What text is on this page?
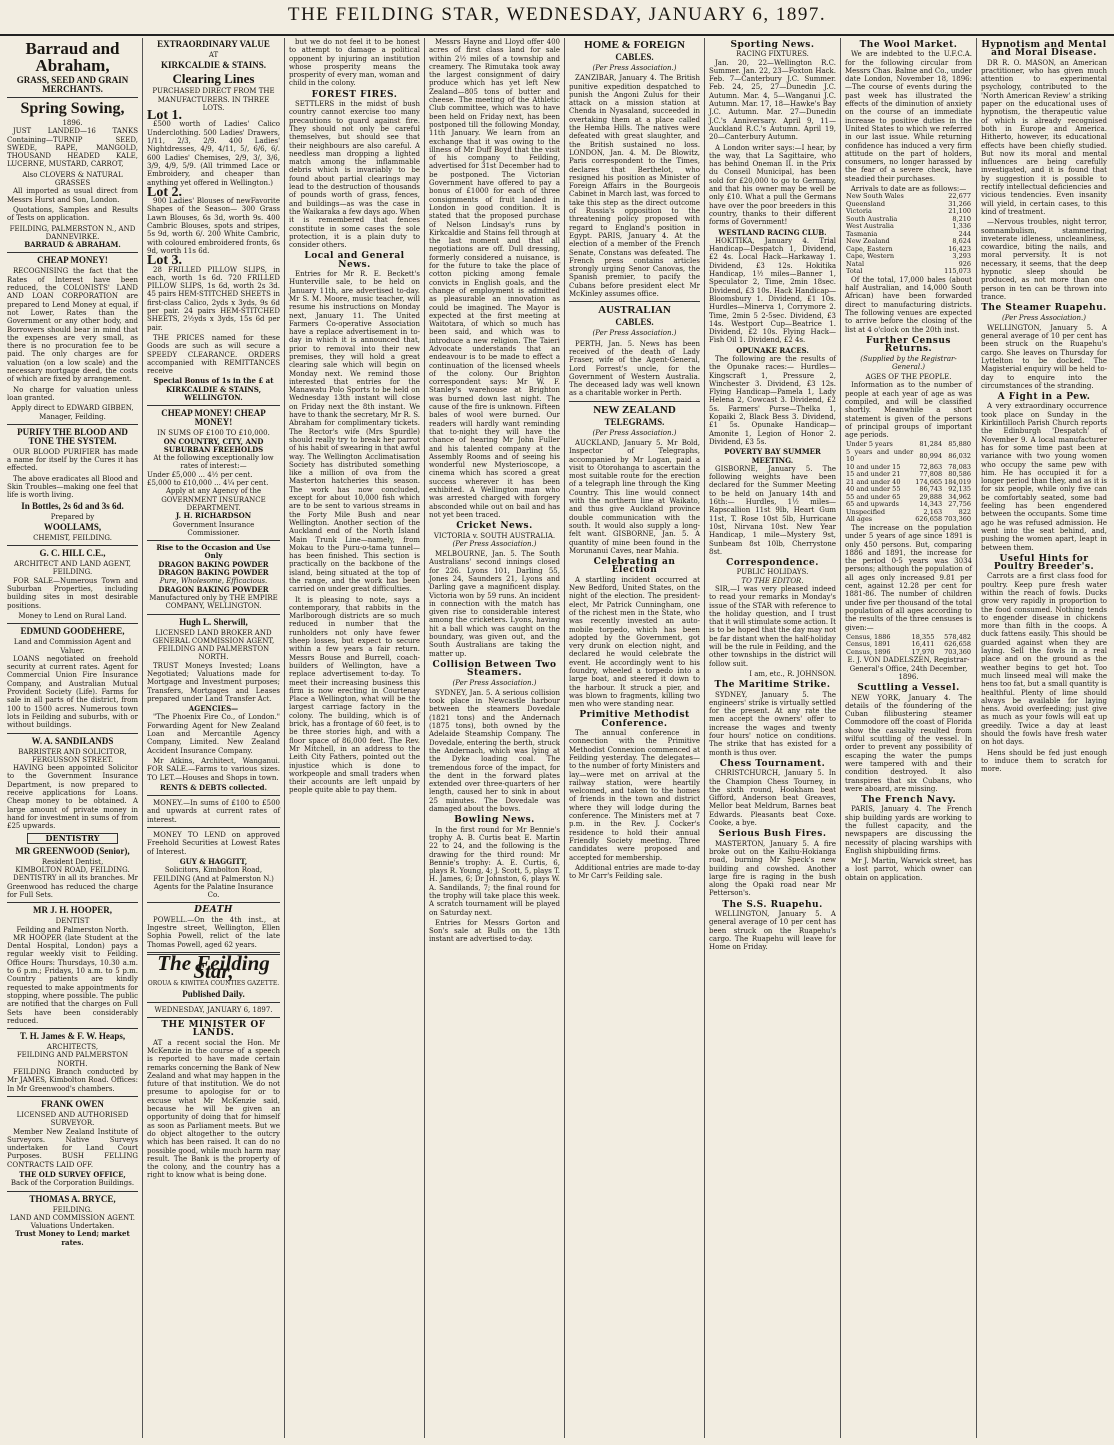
THE FEILDING STAR, WEDNESDAY, JANUARY 6, 1897.
Barraud and Abraham,
GRASS, SEED AND GRAIN MERCHANTS.
Spring Sowing,
1896.

JUST LANDED—16 TANKS Containing—TURNIP SEED, SWEDE, RAPE, MANGOLD, THOUSAND HEADED KALE, LUCERNE, MUSTARD, CARROT,

Also CLOVERS & NATURAL GRASSES

All imported as usual direct from Messrs Hurst and Son, London.

Quotations, Samples and Results of Tests on application.

FEILDING, PALMERSTON N., AND DANNEVIRKE.
BARRAUD & ABRAHAM.
CHEAP MONEY!

RECOGNISING the fact that the Rates of Interest have been reduced, the COLONISTS' LAND AND LOAN CORPORATION are prepared to Lend Money at equal, if not Lower, Rates than the Government or any other body, and Borrowers should bear in mind that the expenses are very small, as there is no procuration fee to be paid. The only charges are for valuation (on a low scale) and the necessary mortgage deed, the costs of which are fixed by arrangement.

No charge for valuation unless loan granted.

Apply direct to EDWARD GIBBEN, Manager, Feilding.
PURIFY THE BLOOD AND TONE THE SYSTEM.

OUR BLOOD PURIFIER has made a name for itself by the Cures it has effected.

The above eradicates all Blood and Skin Troubles—making one feel that life is worth living.

In Bottles, 2s 6d and 3s 6d.
Prepared by
WOOLLAMS,
CHEMIST, FEILDING.
G. C. HILL C.E.,
ARCHITECT AND LAND AGENT,
FEILDING.

FOR SALE—Numerous Town and Suburban Properties, including building sites in most desirable positions.

Money to Lend on Rural Land.
EDMUND GOODEHERE,
Land and Commission Agent and Valuer.

LOANS negotiated on freehold security at current rates. Agent for Commercial Union Fire Insurance Company, and Australian Mutual Provident Society (Life). Farms for sale in all parts of the district, from 100 to 1500 acres. Numerous town lots in Feilding and suburbs, with or without buildings.

W. A. SANDILANDS
BARRISTER AND SOLICITOR, FERGUSSON STREET.

HAVING been appointed Solicitor to the Government Insurance Department, is now prepared to receive applications for Loans. Cheap money to be obtained. A large amount of private money in hand for investment in sums of from £25 upwards.

DENTISTRY
MR GREENWOOD (Senior),
Resident Dentist,
KIMBOLTON ROAD, FEILDING.

DENTISTRY in all its branches. Mr Greenwood has reduced the charge for Full Sets.

MR J. H. HOOPER,
DENTIST
Feilding and Palmerston North.

MR HOOPER (late Student at the Dental Hospital, London) pays a regular weekly visit to Feilding. Office Hours: Thursdays, 10.30 a.m. to 6 p.m.; Fridays, 10 a.m. to 5 p.m. Country patients are kindly requested to make appointments for stopping, where possible. The public are notified that the charges on Full Sets have been considerably reduced.

T. H. James & F. W. Heaps,
ARCHITECTS,
FEILDING AND PALMERSTON NORTH.

FEILDING Branch conducted by Mr JAMES, Kimbolton Road. Offices: In Mr Greenwood's chambers.

FRANK OWEN
LICENSED AND AUTHORISED SURVEYOR.

Member New Zealand Institute of Surveyors. Native Surveys undertaken for Land Court Purposes. BUSH FELLING CONTRACTS LAID OFF.

THE OLD SURVEY OFFICE,
Back of the Corporation Buildings.
THOMAS A. BRYCE,
FEILDING.
LAND AND COMMISSION AGENT.
Valuations Undertaken.
Trust Money to Lend; market rates.
EXTRAORDINARY VALUE
AT
KIRKCALDIE & STAINS.
Clearing Lines
PURCHASED DIRECT FROM THE MANUFACTURERS. IN THREE LOTS.
Lot 1.

£500 worth of Ladies' Calico Underclothing. 500 Ladies' Drawers, 1/11, 2/3, 2/9. 400 Ladies' Nightdresses, 4/9, 4/11, 5/, 6/6, 6/. 600 Ladies' Chemises, 2/9, 3/, 3/6, 3/9, 4/9, 5/9. (All trimmed Lace or Embroidery, and cheaper than anything yet offered in Wellington.)

Lot 2.

900 Ladies' Blouses of newFavorite Shapes of the Season— 300 Grass Lawn Blouses, 6s 3d, worth 9s. 400 Cambric Blouses, spots and stripes, 5s 9d, worth 6/. 200 White Cambric, with coloured embroidered fronts, 6s 9d, worth 11s 6d.

Lot 3.

28 FRILLED PILLOW SLIPS, in each, worth 1s 6d. 720 FRILLED PILLOW SLIPS, 1s 6d, worth 2s 3d. 45 pairs HEM-STITCHED SHEETS in first-class Calico, 2yds x 3yds, 9s 6d per pair. 24 pairs HEM-STITCHED SHEETS, 2½yds x 3yds, 15s 6d per pair.

THE PRICES named for these Goods are such as will secure a SPEEDY CLEARANCE. ORDERS accompanied with REMITTANCES receive

Special Bonus of 1s in the £ at KIRKCALDIE & STAINS, WELLINGTON.
CHEAP MONEY! CHEAP MONEY!
IN SUMS OF £100 TO £10,000.
ON COUNTRY, CITY, AND SUBURBAN FREEHOLDS
At the following exceptionally low rates of interest:—
Under £5,000 ... 4½ per cent.
£5,000 to £10,000 ... 4¼ per cent.
Apply at any Agency of the GOVERNMENT INSURANCE DEPARTMENT.
J. H. RICHARDSON
Government Insurance Commissioner.
Rise to the Occasion and Use Only
DRAGON BAKING POWDER DRAGON BAKING POWDER
Pure, Wholesome, Efficacious.
DRAGON BAKING POWDER
Manufactured only by THE EMPIRE COMPANY, WELLINGTON.
Hugh L. Sherwill,
LICENSED LAND BROKER AND GENERAL COMMISSION AGENT, FEILDING AND PALMERSTON NORTH.

TRUST Moneys Invested; Loans Negotiated; Valuations made for Mortgage and Investment purposes; Transfers, Mortgages and Leases prepared under Land Transfer Act.

AGENCIES—

"The Phoenix Fire Co., of London." Forwarding Agent for New Zealand Loan and Mercantile Agency Company, Limited. New Zealand Accident Insurance Company.

Mr Atkins, Architect, Wanganui. FOR SALE.—Farms to various sizes. TO LET.—Houses and Shops in town.

RENTS & DEBTS collected.

MONEY.—In sums of £100 to £500 and upwards at current rates of interest.

MONEY TO LEND on approved Freehold Securities at Lowest Rates of Interest.

GUY & HAGGITT,
Solicitors, Kimbolton Road, FEILDING (And at Palmerston N.)
Agents for the Palatine Insurance Co.
DEATH

POWELL.—On the 4th inst., at Ingestre street, Wellington, Ellen Sophia Powell, relict of the late Thomas Powell, aged 62 years.

The Feilding Star,
OROUA & KIWITEA COUNTIES GAZETTE.
Published Daily.
WEDNESDAY, JANUARY 6, 1897.
THE MINISTER OF LANDS.

AT a recent social the Hon. Mr McKenzie in the course of a speech is reported to have made certain remarks concerning the Bank of New Zealand and what may happen in the future of that institution. We do not presume to apologise for or to excuse what Mr McKenzie said, because he will be given an opportunity of doing that for himself as soon as Parliament meets. But we do object altogether to the outcry which has been raised. It can do no possible good, while much harm may result. The Bank is the property of the colony, and the country has a right to know what is being done.

but we do not feel it to be honest to attempt to damage a political opponent by injuring an institution whose prosperity means the prosperity of every man, woman and child in the colony.

FOREST FIRES.

SETTLERS in the midst of bush country cannot exercise too many precautions to guard against fire. They should not only be careful themselves, but should see that their neighbours are also careful. A needless man dropping a lighted match among the inflammable debris which is invariably to be found about partial clearings may lead to the destruction of thousands of pounds worth of grass, fences, and buildings—as was the case in the Waikaraka a few days ago. When it is remembered that fences constitute in some cases the sole protection, it is a plain duty to consider others.

Local and General News.

Entries for Mr R. E. Beckett's Hunterville sale, to be held on January 11th, are advertised to-day. Mr S. M. Moore, music teacher, will resume his instructions on Monday next, January 11. The United Farmers Co-operative Association have a replace advertisement in to-day in which it is announced that, prior to removal into their new premises, they will hold a great clearing sale which will begin on Monday next. We remind those interested that entries for the Manawatu Polo Sports to be held on Wednesday 13th instant will close on Friday next the 8th instant. We have to thank the secretary, Mr R. S. Abraham for complimentary tickets. The Rector's wife (Mrs Spurdle) should really try to break her parrot of his habit of swearing in that awful way. The Wellington Acclimatisation Society has distributed something like a million of ova from the Masterton hatcheries this season. The work has now concluded, except for about 10,000 fish which are to be sent to various streams in the Forty Mile Bush and near Wellington. Another section of the Auckland end of the North Island Main Trunk Line—namely, from Mokau to the Puru-o-tama tunnel—has been finished. This section is practically on the backbone of the island, being situated at the top of the range, and the work has been carried on under great difficulties.

It is pleasing to note, says a contemporary, that rabbits in the Marlborough districts are so much reduced in number that the runholders not only have fewer sheep losses, but expect to secure within a few years a fair return. Messrs Bouse and Burrell, coach-builders of Wellington, have a replace advertisement to-day. To meet their increasing business this firm is now erecting in Courtenay Place a Wellington, what will be the largest carriage factory in the colony. The building, which is of brick, has a frontage of 60 feet, is to be three stories high, and with a floor space of 86,000 feet. The Rev. Mr Mitchell, in an address to the Leith City Fathers, pointed out the injustice which is done to workpeople and small traders when their accounts are left unpaid by people quite able to pay them.

Messrs Hayne and Lloyd offer 400 acres of first class land for sale within 2½ miles of a township and creamery. The Rimutaka took away the largest consignment of dairy produce which has yet left New Zealand—805 tons of butter and cheese. The meeting of the Athletic Club committee, which was to have been held on Friday next, has been postponed till the following Monday, 11th January. We learn from an exchange that it was owing to the illness of Mr Duff Boyd that the visit of his company to Feilding, advertised for 31st December had to be postponed. The Victorian Government have offered to pay a bonus of £1000 for each of three consignments of fruit landed in London in good condition. It is stated that the proposed purchase of Nelson Lindsay's runs by Kirkcaldie and Stains fell through at the last moment and that all negotiations are off. Dull dressing, formerly considered a nuisance, is for the future to take the place of cotton picking among female convicts in English goals, and the change of employment is admitted as pleasurable an innovation as could be imagined. The Mayor is expected at the first meeting at Waitotara, of which so much has been said, and which was to introduce a new religion. The Taieri Advocate understands that an endeavour is to be made to effect a continuation of the licensed wheels of the colony. Our Brighton correspondent says: Mr W. F. Stanley's warehouse at Brighton was burned down last night. The cause of the fire is unknown. Fifteen bales of wool were burned. Our readers will hardly want reminding that to-night they will have the chance of hearing Mr John Fuller and his talented company at the Assembly Rooms and of seeing his wonderful new Mysterioscope, a cinema which has scored a great success wherever it has been exhibited. A Wellington man who was arrested charged with forgery absconded while out on bail and has not yet been traced.

Cricket News.
VICTORIA v. SOUTH AUSTRALIA.
(Per Press Association.)

MELBOURNE, Jan. 5. The South Australians' second innings closed for 226. Lyons 101, Darling 55, Jones 24, Saunders 21, Lyons and Darling gave a magnificent display. Victoria won by 59 runs. An incident in connection with the match has given rise to considerable interest among the cricketers. Lyons, having hit a ball which was caught on the boundary, was given out, and the South Australians are taking the matter up.

Collision Between Two Steamers.
(Per Press Association.)

SYDNEY, Jan. 5. A serious collision took place in Newcastle harbour between the steamers Dovedale (1821 tons) and the Andernach (1875 tons), both owned by the Adelaide Steamship Company. The Dovedale, entering the berth, struck the Andernach, which was lying at the Dyke loading coal. The tremendous force of the impact, for the dent in the forward plates extended over three-quarters of her length, caused her to sink in about 25 minutes. The Dovedale was damaged about the bows.

Bowling News.

In the first round for Mr Bennie's trophy A. B. Curtis beat E. Martin 22 to 24, and the following is the drawing for the third round: Mr Bennie's trophy: A. E. Curtis, 6, plays R. Young, 4; J. Scott, 5, plays T. H. James, 6; Dr Johnston, 6, plays W. A. Sandilands, 7; the final round for the trophy will take place this week. A scratch tournament will be played on Saturday next.

Entries for Messrs Gorton and Son's sale at Bulls on the 13th instant are advertised to-day.

HOME & FOREIGN
CABLES.
(Per Press Association.)

ZANZIBAR, January 4. The British punitive expedition despatched to punish the Angoni Zulus for their attack on a mission station at Chenda in Nyasaland, succeeded in overtaking them at a place called the Hemba Hills. The natives were defeated with great slaughter, and the British sustained no loss. LONDON, Jan. 4. M. De Blowitz, Paris correspondent to the Times, declares that Berthelot, who resigned his position as Minister of Foreign Affairs in the Bourgeois Cabinet in March last, was forced to take this step as the direct outcome of Russia's opposition to the threatening policy proposed with regard to England's position in Egypt. PARIS, January 4. At the election of a member of the French Senate, Constans was defeated. The French press contains articles strongly urging Senor Canovas, the Spanish premier, to pacify the Cubans before president elect Mr McKinley assumes office.

AUSTRALIAN
CABLES.
(Per Press Association.)

PERTH, Jan. 5. News has been received of the death of Lady Fraser, wife of the Agent-General, Lord Forrest's uncle, for the Government of Western Australia. The deceased lady was well known as a charitable worker in Perth.

NEW ZEALAND
TELEGRAMS.
(Per Press Association.)

AUCKLAND, January 5. Mr Bold, Inspector of Telegraphs, accompanied by Mr Logan, paid a visit to Otorohanga to ascertain the most suitable route for the erection of a telegraph line through the King Country. This line would connect with the northern line at Waikato, and thus give Auckland province double communication with the south. It would also supply a long-felt want. GISBORNE, Jan. 5. A quantity of mine been found in the Morunanui Caves, near Mahia.

Celebrating an Election

A startling incident occurred at New Bedford, United States, on the night of the election. The president-elect, Mr Patrick Cunningham, one of the richest men in the State, who was recently invested an auto-mobile torpedo, which has been adopted by the Government, got very drunk on election night, and declared he would celebrate the event. He accordingly went to his foundry, wheeled a torpedo into a large boat, and steered it down to the harbour. It struck a pier, and was blown to fragments, killing two men who were standing near.

Primitive Methodist Conference.

The annual conference in connection with the Primitive Methodist Connexion commenced at Feilding yesterday. The delegates—to the number of forty Ministers and lay—were met on arrival at the railway station, were heartily welcomed, and taken to the homes of friends in the town and district where they will lodge during the conference. The Ministers met at 7 p.m. in the Rev. J. Cocker's residence to hold their annual Friendly Society meeting. Three candidates were proposed and accepted for membership.

Additional entries are made to-day to Mr Carr's Feilding sale.

Sporting News.
RACING FIXTURES.

Jan. 20, 22—Wellington R.C. Summer. Jan. 22, 23—Foxton Hack. Feb. 7—Canterbury J.C. Summer. Feb. 24, 25, 27—Dunedin J.C. Autumn. Mar. 4, 5—Wanganui J.C. Autumn. Mar. 17, 18—Hawke's Bay J.C. Autumn. Mar. 27—Dunedin J.C.'s Anniversary. April 9, 11—Auckland R.C.'s Autumn. April 19, 20—Canterbury Autumn.

A London writer says:—I hear, by the way, that La Sagittaire, who has behind Oneman II. in the Prix du Conseil Municipal, has been sold for £20,000 to go to Germany, and that his owner may be well be only £10. What a pull the Germans have over the poor breeders in this country, thanks to their different forms of Government!

WESTLAND RACING CLUB.

HOKITIKA, January 4. Trial Handicap—Despatch 1, Dividend, £2 4s. Local Hack—Harkaway 1. Dividend, £3 12s. Hokitika Handicap, 1½ miles—Banner 1, Speculator 2, Time, 2min 18sec. Dividend, £3 10s. Hack Handicap—Bloomsbury 1. Dividend, £1 10s. Hurdles—Minerva 1, Corrymore 2. Time, 2min 5 2-5sec. Dividend, £3 14s. Westport Cup—Beatrice 1. Dividend, £2 10s. Flying Hack—Fish Oil 1. Dividend, £2 4s.

OPUNAKE RACES.

The following are the results of the Opunake races:— Hurdles—Kingscraft 1, Pressure 2, Winchester 3. Dividend, £3 12s. Flying Handicap—Pamela 1, Lady Helena 2, Cowcast 3. Dividend, £2 5s. Farmers' Purse—Thelka 1, Kopaiki 2, Black Bess 3. Dividend, £1 5s. Opunake Handicap—Amonite 1, Legion of Honor 2. Dividend, £3 5s.

POVERTY BAY SUMMER MEETING.

GISBORNE, January 5. The following weights have been declared for the Summer Meeting to be held on January 14th and 16th:— Hurdles, 1½ miles—Rapscallion 11st 9lb, Heart Gum 11st, T. Rose 10st 5lb, Hurricane 10st, Nirvana 10st. New Year Handicap, 1 mile—Mystery 9st, Sunbeam 8st 10lb, Cherrystone 8st.

Correspondence.
PUBLIC HOLIDAYS.
TO THE EDITOR.

SIR,—I was very pleased indeed to read your remarks in Monday's issue of the STAR with reference to the holiday question, and I trust that it will stimulate some action. It is to be hoped that the day may not be far distant when the half-holiday will be the rule in Feilding, and the other townships in the district will follow suit.

I am, etc., R. JOHNSON.
The Maritime Strike.

SYDNEY, January 5. The engineers' strike is virtually settled for the present. At any rate the men accept the owners' offer to increase the wages and twenty four hours' notice on conditions. The strike that has existed for a month is thus over.

Chess Tournament.

CHRISTCHURCH, January 5. In the Champion Chess Tourney, in the sixth round, Hookham beat Gifford, Anderson beat Greaves, Mellor beat Meldrum, Barnes beat Edwards. Pleasants beat Coxe. Cooke, a bye.

Serious Bush Fires.

MASTERTON, January 5. A fire broke out on the Kaihu-Hokianga road, burning Mr Speck's new building and cowshed. Another large fire is raging in the bush along the Opaki road near Mr Petterson's.

The S.S. Ruapehu.

WELLINGTON, January 5. A general average of 10 per cent has been struck on the Ruapehu's cargo. The Ruapehu will leave for Home on Friday.

The Wool Market.

We are indebted to the U.F.C.A. for the following circular from Messrs Chas. Balme and Co., under date London, November 18, 1896:—The course of events during the past week has illustrated the effects of the diminution of anxiety on the course of an immediate increase to positive duties in the United States to which we referred in our last issue. While returning confidence has induced a very firm attitude on the part of holders, consumers, no longer harassed by the fear of a severe check, have steadied their purchases.

Arrivals to date are as follows:—
New South Wales	22,677
Queensland	31,266
Victoria	21,100
South Australia	8,210
West Australia	1,336
Tasmania	244
New Zealand	8,624
Cape, Eastern	16,423
Cape, Western	3,293
Natal	926
Total	115,073

Of the total, 17,000 bales (about half Australian, and 14,000 South African) have been forwarded direct to manufacturing districts. The following venues are expected to arrive before the closing of the list at 4 o'clock on the 20th inst.

Further Census Returns.
(Supplied by the Registrar-General.)
AGES OF THE PEOPLE.

Information as to the number of people at each year of age as was compiled, and will be classified shortly. Meanwhile a short statement is given of the persons of principal groups of important age periods.

Under 5 years	81,284	85,880
5 years and under 10	80,994	86,032
10 and under 15	72,863	78,083
15 and under 21	77,808	80,586
21 and under 40	174,665	184,019
40 and under 55	86,743	92,135
55 and under 65	29,888	34,962
65 and upwards	14,343	27,756
Unspecified	2,163	822
All ages	626,658	703,360

The increase on the population under 5 years of age since 1891 is only 450 persons. But, comparing 1886 and 1891, the increase for the period 0-5 years was 3034 persons; although the population of all ages only increased 9.81 per cent, against 12.28 per cent for 1881-86. The number of children under five per thousand of the total population of all ages according to the results of the three censuses is given:—

Census, 1886	18,355	578,482
Census, 1891	16,411	626,658
Census, 1896	17,970	703,360
E. J. VON DADELSZEN, Registrar-General's Office, 24th December, 1896.
Scuttling a Vessel.

NEW YORK, January 4. The details of the foundering of the Cuban filibustering steamer Commodore off the coast of Florida show the casualty resulted from wilful scuttling of the vessel. In order to prevent any possibility of escaping the water the pumps were tampered with and their condition destroyed. It also transpires that six Cubans, who were aboard, are missing.

The French Navy.

PARIS, January 4. The French ship building yards are working to the fullest capacity, and the newspapers are discussing the necessity of placing warships with English shipbuilding firms.

Mr J. Martin, Warwick street, has a lost parrot, which owner can obtain on application.

Hypnotism and Mental and Moral Disease.

DR R. O. MASON, an American practitioner, who has given much attention to experimental psychology, contributed to the 'North American Review' a striking paper on the educational uses of hypnotism, the therapeutic value of which is already recognised both in Europe and America. Hitherto, however, its educational effects have been chiefly studied. But now its moral and mental influences are being carefully investigated, and it is found that by suggestion it is possible to rectify intellectual deficiencies and vicious tendencies. Even insanity will yield, in certain cases, to this kind of treatment.

—Nervous troubles, night terror, somnambulism, stammering, inveterate idleness, uncleanliness, cowardice, biting the nails, and moral perversity. It is not necessary, it seems, that the deep hypnotic sleep should be produced, as not more than one person in ten can be thrown into trance.

The Steamer Ruapehu.
(Per Press Association.)

WELLINGTON, January 5. A general average of 10 per cent has been struck on the Ruapehu's cargo. She leaves on Thursday for Lyttelton to be docked. The Magisterial enquiry will be held to-day to enquire into the circumstances of the stranding.

A Fight in a Pew.

A very extraordinary occurrence took place on Sunday in the Kirkintilloch Parish Church reports the Edinburgh 'Despatch' of November 9. A local manufacturer has for some time past been at variance with two young women who occupy the same pew with him. He has occupied it for a longer period than they, and as it is for six people, while only five can be comfortably seated, some bad feeling has been engendered between the occupants. Some time ago he was refused admission. He went into the seat behind, and, pushing the women apart, leapt in between them.

Useful Hints for Poultry Breeder's.

Carrots are a first class food for poultry. Keep pure fresh water within the reach of fowls. Ducks grow very rapidly in proportion to the food consumed. Nothing tends to engender disease in chickens more than filth in the coops. A duck fattens easily. This should be guarded against when they are laying. Sell the fowls in a real place and on the ground as the weather begins to get hot. Too much linseed meal will make the hens too fat, but a small quantity is healthful. Plenty of lime should always be available for laying hens. Avoid overfeeding; just give as much as your fowls will eat up greedily. Twice a day at least should the fowls have fresh water on hot days.

Hens should be fed just enough to induce them to scratch for more.
